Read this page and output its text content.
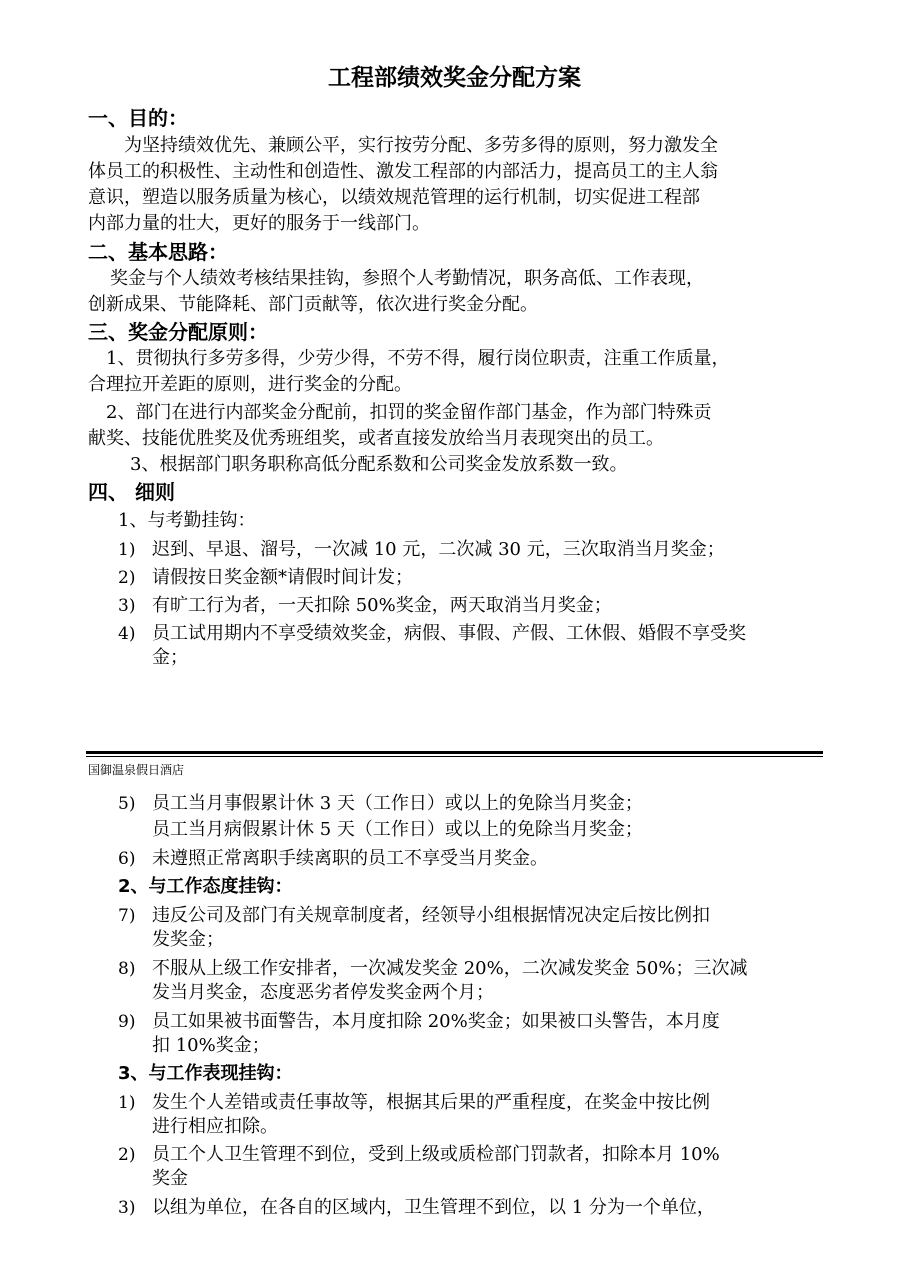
工程部绩效奖金分配方案
一、目的：
为坚持绩效优先、兼顾公平，实行按劳分配、多劳多得的原则，努力激发全
体员工的积极性、主动性和创造性、激发工程部的内部活力，提高员工的主人翁
意识，塑造以服务质量为核心，以绩效规范管理的运行机制，切实促进工程部
内部力量的壮大，更好的服务于一线部门。
二、基本思路：
奖金与个人绩效考核结果挂钩，参照个人考勤情况，职务高低、工作表现，
创新成果、节能降耗、部门贡献等，依次进行奖金分配。
三、奖金分配原则：
1、贯彻执行多劳多得，少劳少得，不劳不得，履行岗位职责，注重工作质量，
合理拉开差距的原则，进行奖金的分配。
2、部门在进行内部奖金分配前，扣罚的奖金留作部门基金，作为部门特殊贡
献奖、技能优胜奖及优秀班组奖，或者直接发放给当月表现突出的员工。
3、根据部门职务职称高低分配系数和公司奖金发放系数一致。
四、 细则
1、与考勤挂钩：
1) 迟到、早退、溜号，一次减 10 元，二次减 30 元，三次取消当月奖金；
2) 请假按日奖金额*请假时间计发；
3) 有旷工行为者，一天扣除 50%奖金，两天取消当月奖金；
4) 员工试用期内不享受绩效奖金，病假、事假、产假、工休假、婚假不享受奖
金；
国御温泉假日酒店
5) 员工当月事假累计休 3 天（工作日）或以上的免除当月奖金；
员工当月病假累计休 5 天（工作日）或以上的免除当月奖金；
6) 未遵照正常离职手续离职的员工不享受当月奖金。
2、与工作态度挂钩：
7) 违反公司及部门有关规章制度者，经领导小组根据情况决定后按比例扣
发奖金；
8) 不服从上级工作安排者，一次减发奖金 20%，二次减发奖金 50%；三次减
发当月奖金，态度恶劣者停发奖金两个月；
9) 员工如果被书面警告，本月度扣除 20%奖金；如果被口头警告，本月度
扣 10%奖金；
3、与工作表现挂钩：
1) 发生个人差错或责任事故等，根据其后果的严重程度，在奖金中按比例
进行相应扣除。
2) 员工个人卫生管理不到位，受到上级或质检部门罚款者，扣除本月 10%
奖金
3) 以组为单位，在各自的区域内，卫生管理不到位，以 1 分为一个单位，
